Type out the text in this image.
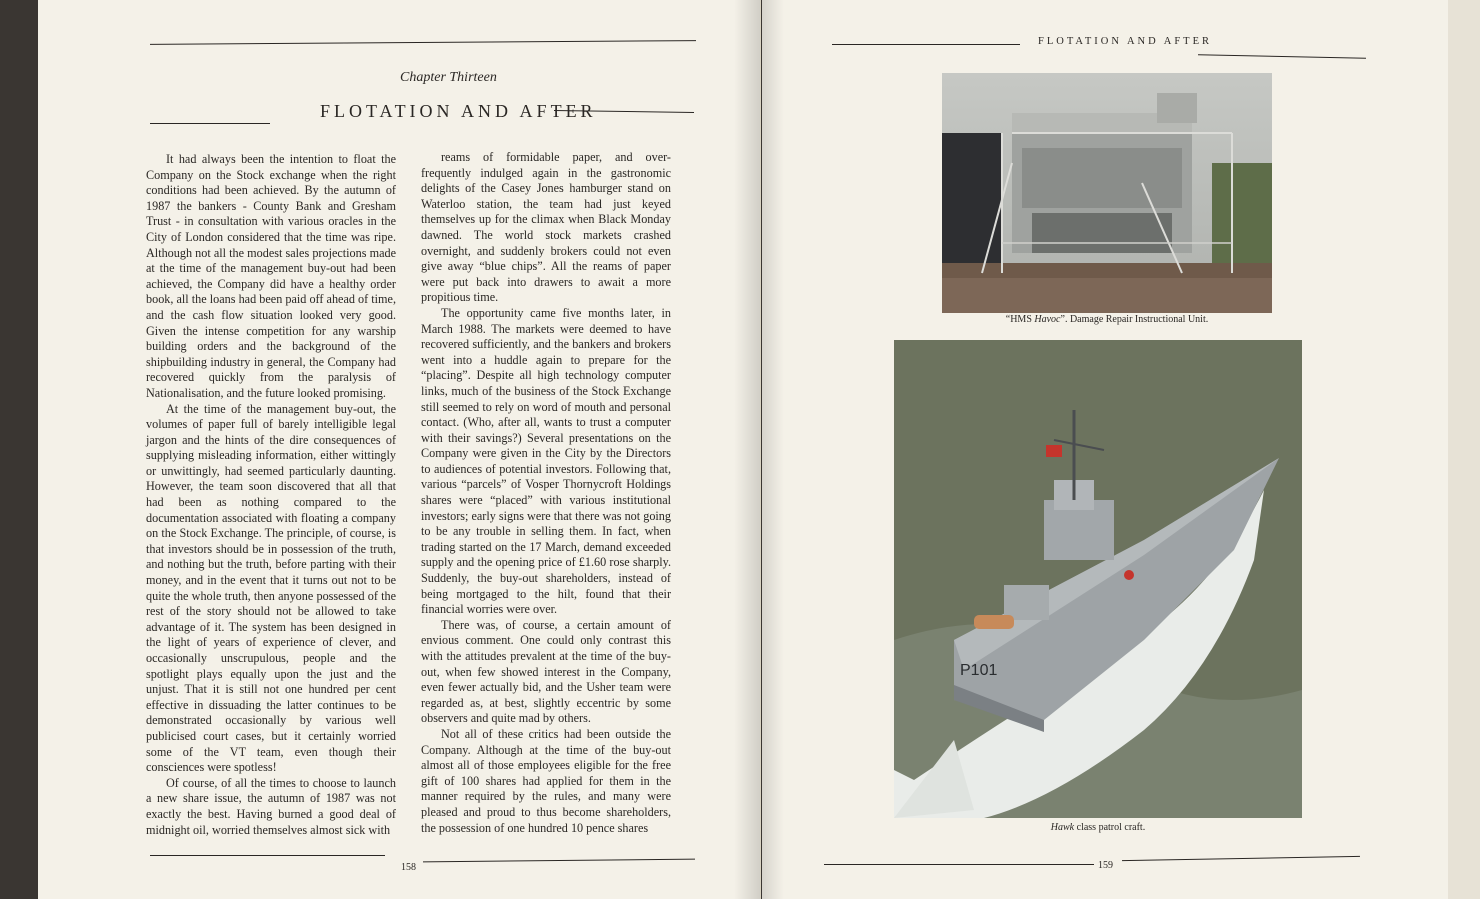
Chapter Thirteen
FLOTATION AND AFTER

It had always been the intention to float the Company on the Stock exchange when the right conditions had been achieved. By the autumn of 1987 the bankers - County Bank and Gresham Trust - in consultation with various oracles in the City of London considered that the time was ripe. Although not all the modest sales projections made at the time of the management buy-out had been achieved, the Company did have a healthy order book, all the loans had been paid off ahead of time, and the cash flow situation looked very good. Given the intense competition for any warship building orders and the background of the shipbuilding industry in general, the Company had recovered quickly from the paralysis of Nationalisation, and the future looked promising.

At the time of the management buy-out, the volumes of paper full of barely intelligible legal jargon and the hints of the dire consequences of supplying misleading information, either wittingly or unwittingly, had seemed particularly daunting. However, the team soon discovered that all that had been as nothing compared to the documentation associated with floating a company on the Stock Exchange. The principle, of course, is that investors should be in possession of the truth, and nothing but the truth, before parting with their money, and in the event that it turns out not to be quite the whole truth, then anyone possessed of the rest of the story should not be allowed to take advantage of it. The system has been designed in the light of years of experience of clever, and occasionally unscrupulous, people and the spotlight plays equally upon the just and the unjust. That it is still not one hundred per cent effective in dissuading the latter continues to be demonstrated occasionally by various well publicised court cases, but it certainly worried some of the VT team, even though their consciences were spotless!

Of course, of all the times to choose to launch a new share issue, the autumn of 1987 was not exactly the best. Having burned a good deal of midnight oil, worried themselves almost sick with

reams of formidable paper, and over-frequently indulged again in the gastronomic delights of the Casey Jones hamburger stand on Waterloo station, the team had just keyed themselves up for the climax when Black Monday dawned. The world stock markets crashed overnight, and suddenly brokers could not even give away “blue chips”. All the reams of paper were put back into drawers to await a more propitious time.

The opportunity came five months later, in March 1988. The markets were deemed to have recovered sufficiently, and the bankers and brokers went into a huddle again to prepare for the “placing”. Despite all high technology computer links, much of the business of the Stock Exchange still seemed to rely on word of mouth and personal contact. (Who, after all, wants to trust a computer with their savings?) Several presentations on the Company were given in the City by the Directors to audiences of potential investors. Following that, various “parcels” of Vosper Thornycroft Holdings shares were “placed” with various institutional investors; early signs were that there was not going to be any trouble in selling them. In fact, when trading started on the 17 March, demand exceeded supply and the opening price of £1.60 rose sharply. Suddenly, the buy-out shareholders, instead of being mortgaged to the hilt, found that their financial worries were over.

There was, of course, a certain amount of envious comment. One could only contrast this with the attitudes prevalent at the time of the buy-out, when few showed interest in the Company, even fewer actually bid, and the Usher team were regarded as, at best, slightly eccentric by some observers and quite mad by others.

Not all of these critics had been outside the Company. Although at the time of the buy-out almost all of those employees eligible for the free gift of 100 shares had applied for them in the manner required by the rules, and many were pleased and proud to thus become shareholders, the possession of one hundred 10 pence shares

158
FLOTATION AND AFTER
“HMS Havoc”. Damage Repair Instructional Unit.
P101
Hawk class patrol craft.
159
